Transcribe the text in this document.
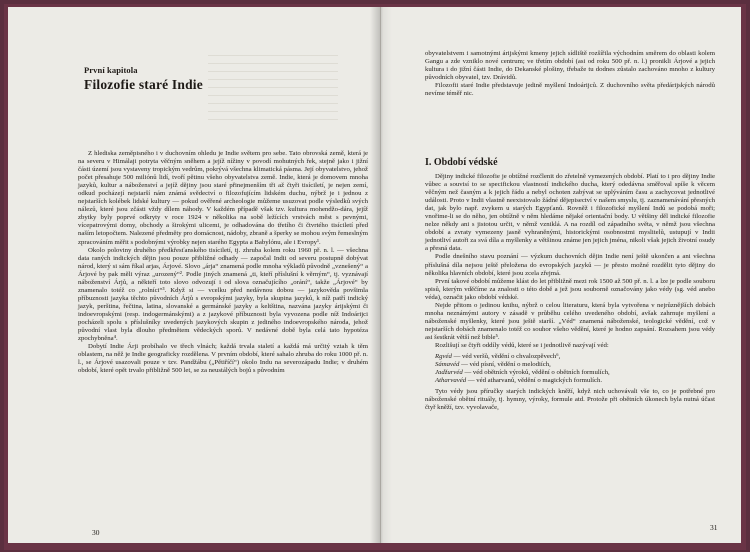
První kapitola
Filozofie staré Indie

Z hlediska zeměpisného i v duchovním ohledu je Indie světem pro sebe. Tato obrovská země, která je na severu v Himálaji potryta věčným sněhem a jejíž nížiny v povodí mohutných řek, stejně jako i jižní části území jsou vystaveny tropickým vedrům, pokrývá všechna klimatická pásma. Její obyvatelstvo, jehož počet přesahuje 500 miliónů lidí, tvoří pětinu všeho obyvatelstva země. Indie, která je domovem mnoha jazyků, kultur a náboženství a jejíž dějiny jsou staré přinejmenším tři až čtyři tisíciletí, je nejen zemí, odkud pocházejí nejstarší nám známá svědectví o filozofujícím lidském duchu, nýbrž je i jednou z nejstarších kolébek lidské kultury — pokud ověřené archeologie můžeme usuzovat podle výsledků svých nálezů, které jsou zčásti vždy dílem náhody. V každém případě však tzv. kultura mohendžo-dára, jejíž zbytky byly poprvé odkryty v roce 1924 v několika na sobě ležících vrstvách měst s pevnými, vícepatrovými domy, obchody a širokými ulicemi, je odhadována do třetího či čtvrtého tisíciletí před naším letopočtem. Nalezené předměty pro domácnost, nádoby, zbraně a šperky se mohou svým řemeslným zpracováním měřit s podobnými výrobky nejen starého Egypta a Babylónu, ale i Evropy¹.

Okolo poloviny druhého předkřesťanského tisíciletí, tj. zhruba kolem roku 1960 př. n. l. — všechna data raných indických dějin jsou pouze přibližné odhady — započal Indii od severu postupně dobývat národ, který si sám říkal arjas, Árjové. Slovo „árja“ znamená podle mnoha výkladů původně „vznešený“ a Árjové by pak měli výraz „urozený“². Podle jiných znamená „ti, kteří příslušní k věrným“, tj. vyznávají náboženství Árjů, a někteří toto slovo odvozují i od slova označujícího „orání“, takže „Árjové“ by znamenalo totéž co „rolníci“³. Když si — vcelku před nedávnou dobou — jazykověda povšimla příbuznosti jazyka těchto původních Árjů s evropskými jazyky, byla skupina jazyků, k níž patří indický jazyk, perština, řečtina, latina, slovanské a germánské jazyky a keltština, nazvána jazyky árijskými či indoevropskými (resp. indogermánskými) a z jazykové příbuznosti byla vyvozena podle níž Indoárijci pocházeli spolu s příslušníky uvedených jazykových skupin z jediného indoevropského národa, jehož původní vlast byla dlouho předmětem vědeckých sporů. V nedávné době byla celá tato hypotéza zpochybněna⁴.

Dobytí Indie Árji probíhalo ve třech vlnách; každá trvala staletí a každá má určitý vztah k těm oblastem, na něž je Indie geograficky rozdělena. V prvním období, které sahalo zhruba do roku 1000 př. n. l., se Árjové usazovali pouze v tzv. Pandžábu („Pětiříčí“) okolo Indu na severozápadu Indie; v druhém období, které opět trvalo přibližně 500 let, se za neustálých bojů s původním

30

obyvatelstvem i samotnými árijskými kmeny jejich sídliště rozšířila východním směrem do oblasti kolem Gangu a zde vzniklo nové centrum; ve třetím období (asi od roku 500 př. n. l.) pronikli Árjové a jejich kultura i do jižní části Indie, do Dekanské plošiny, třebaže tu dodnes zůstalo zachováno mnoho z kultury původních obyvatel, tzv. Drávidů.

Filozofii staré Indie představuje jedině myšlení Indoárijců. Z duchovního světa předárijských národů nevíme téměř nic.

I. Období védské

Dějiny indické filozofie je obtížné rozčlenit do zřetelně vymezených období. Platí to i pro dějiny Indie vůbec a souvisí to se specifickou vlastností indického ducha, který odedávna směřoval spíše k věcem věčným než časným a k jejich řádu a nebyl ochoten zabývat se uplýváním času a zachycovat jednotlivé události. Proto v Indii vlastně neexistovalo žádné dějepisectví v našem smyslu, tj. zaznamenávání přesných dat, jak bylo např. zvykem u starých Egypťanů. Rovněž i filozofické myšlení Indů se podobá moři; vnořime-li se do něho, jen obtížně v něm hledáme nějaké orientační body. U většiny děl indické filozofie nelze někdy ani s jistotou určit, v němž vzniklá. A na rozdíl od západního světa, v němž jsou všechna období a zvraty vymezeny jasně vyhraněnými, historickými osobnostmi myslitelů, ustupují v Indii jednotliví autoři za svá díla a myšlenky a většinou známe jen jejich jména, nikoli však jejich životní osudy a přesná data.

Podle dnešního stavu poznání — výzkum duchovních dějin Indie není ještě ukončen a ani všechna příslušná díla nejsou ještě přeložena do evropských jazyků — je přesto možné rozdělit tyto dějiny do několika hlavních období, které jsou zcela zřejmá.

První takové období můžeme klást do let přibližně mezi rok 1500 až 500 př. n. l. a lze je podle souboru spisů, kterým vděčíme za znalosti o této době a jež jsou souborně označovány jako védy (sg. véd anebo véda), označit jako období védské.

Nejde přitom o jedinou knihu, nýbrž o celou literaturu, která byla vytvořena v nejrůznějších dobách mnoha neznámými autory v zásadě v průběhu celého uvedeného období, avšak zahrnuje myšlení a náboženské myšlenky, které jsou ještě starší. „Véd“ znamená náboženské, teologické vědění, což v nejstarších dobách znamenalo totéž co souhor všeho vědění, které je hodno zapsání. Rozsahem jsou védy asi šestkrát větší než bible⁵.

Rozlišují se čtyři oddíly védů, které se i jednotlivě nazývají véd:

Rgvéd — véd veršů, vědění o chvalozpěvech⁶,
Sámavéd — véd písní, vědění o melodiích,
Jadžurvéd — véd obětních výroků, vědění o obětních formulích,
Atharvavéd — véd atharvanů, vědění o magických formulích.

Tyto védy jsou příručky starých indických kněží, když nich uchovávali vše to, co je potřebné pro náboženské obětní rituály, tj. hymny, výroky, formule atd. Protože při obětních úkonech byla nutná účast čtyř kněží, tzv. vyvolavače,

31
